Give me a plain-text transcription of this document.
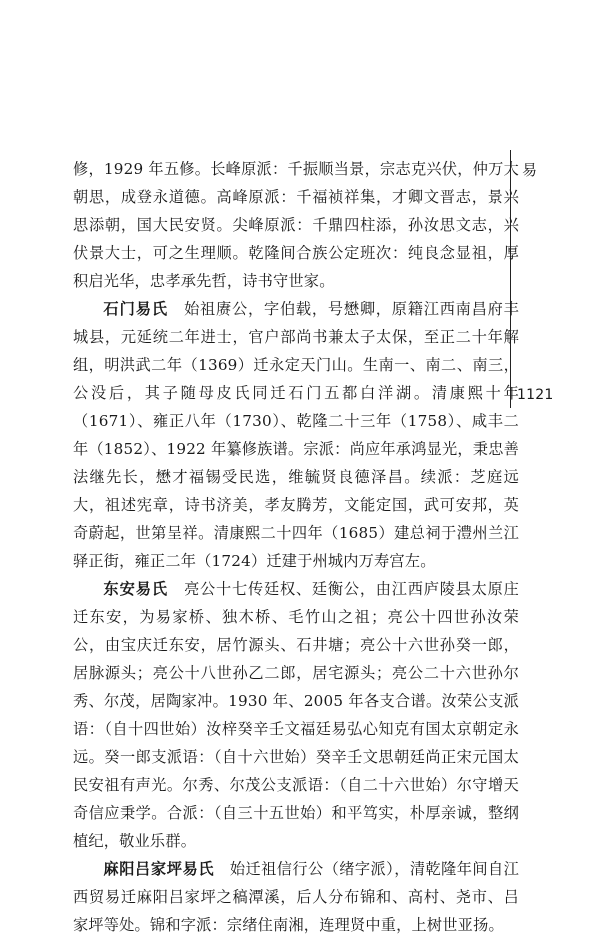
易
1121

修，1929 年五修。长峰原派：千振顺当景，宗志克兴伏，仲万大朝思，成登永道德。高峰原派：千福祯祥集，才卿文晋志，景兴思添朝，国大民安贤。尖峰原派：千鼎四柱添，孙汝思文志，兴伏景大士，可之生理顺。乾隆间合族公定班次：纯良念显祖，厚积启光华，忠孝承先哲，诗书守世家。

石门易氏　始祖赓公，字伯载，号懋卿，原籍江西南昌府丰城县，元延统二年进士，官户部尚书兼太子太保，至正二十年解组，明洪武二年（1369）迁永定天门山。生南一、南二、南三，公没后，其子随母皮氏同迁石门五都白洋湖。清康熙十年（1671）、雍正八年（1730）、乾隆二十三年（1758）、咸丰二年（1852）、1922 年纂修族谱。宗派：尚应年承鸿显光，秉忠善法继先长，懋才福锡受民选，维毓贤良德泽昌。续派：芝庭远大，祖述宪章，诗书济美，孝友腾芳，文能定国，武可安邦，英奇蔚起，世第呈祥。清康熙二十四年（1685）建总祠于澧州兰江驿正街，雍正二年（1724）迁建于州城内万寿宫左。

东安易氏　亮公十七传廷权、廷衡公，由江西庐陵县太原庄迁东安，为易家桥、独木桥、毛竹山之祖；亮公十四世孙汝荣公，由宝庆迁东安，居竹源头、石井塘；亮公十六世孙癸一郎，居脉源头；亮公十八世孙乙二郎，居宅源头；亮公二十六世孙尔秀、尔茂，居陶家冲。1930 年、2005 年各支合谱。汝荣公支派语：（自十四世始）汝梓癸辛壬文福廷易弘心知克有国太京朝定永远。癸一郎支派语：（自十六世始）癸辛壬文思朝廷尚正宋元国太民安祖有声光。尔秀、尔茂公支派语：（自二十六世始）尔守增天奇信应秉学。合派：（自三十五世始）和平笃实，朴厚亲诚，整纲植纪，敬业乐群。

麻阳吕家坪易氏　始迁祖信行公（绪字派），清乾隆年间自江西贸易迁麻阳吕家坪之稿潭溪，后人分布锦和、高村、尧市、吕家坪等处。锦和字派：宗绪住南湘，连理贤中重，上树世亚扬。
